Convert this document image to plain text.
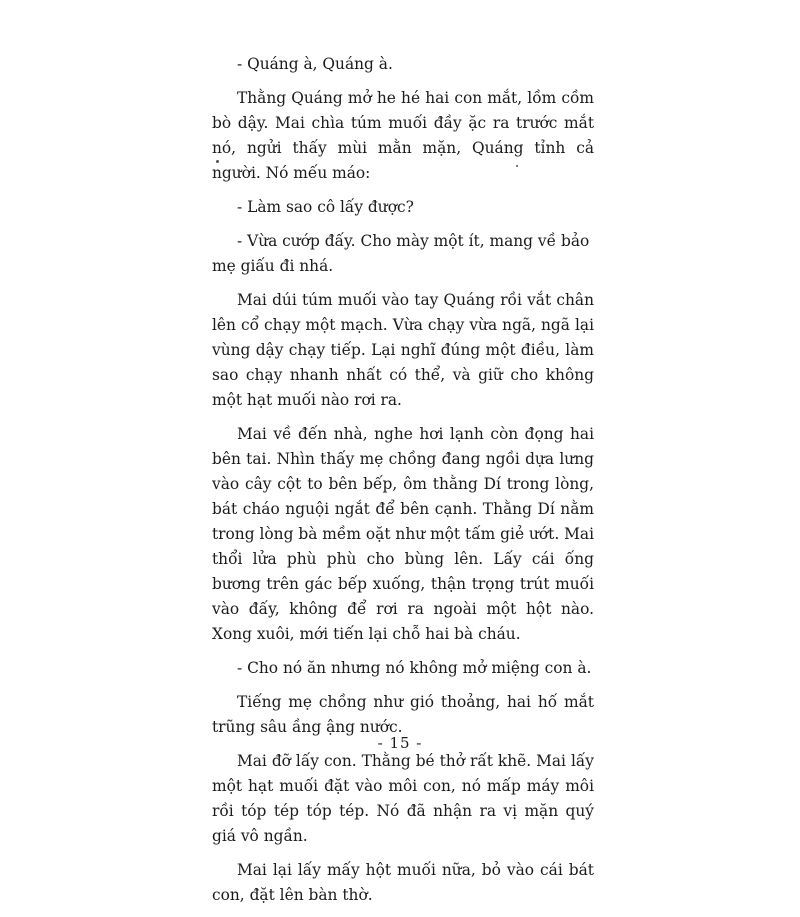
- Quáng à, Quáng à.

Thằng Quáng mở he hé hai con mắt, lồm cồm bò dậy. Mai chìa túm muối đầy ặc ra trước mắt nó, ngửi thấy mùi mằn mặn, Quáng tỉnh cả người. Nó mếu máo:

- Làm sao cô lấy được?

- Vừa cướp đấy. Cho mày một ít, mang về bảo mẹ giấu đi nhá.

Mai dúi túm muối vào tay Quáng rồi vắt chân lên cổ chạy một mạch. Vừa chạy vừa ngã, ngã lại vùng dậy chạy tiếp. Lại nghĩ đúng một điều, làm sao chạy nhanh nhất có thể, và giữ cho không một hạt muối nào rơi ra.

Mai về đến nhà, nghe hơi lạnh còn đọng hai bên tai. Nhìn thấy mẹ chồng đang ngồi dựa lưng vào cây cột to bên bếp, ôm thằng Dí trong lòng, bát cháo nguội ngắt để bên cạnh. Thằng Dí nằm trong lòng bà mềm oặt như một tấm giẻ ướt. Mai thổi lửa phù phù cho bùng lên. Lấy cái ống bương trên gác bếp xuống, thận trọng trút muối vào đấy, không để rơi ra ngoài một hột nào. Xong xuôi, mới tiến lại chỗ hai bà cháu.

- Cho nó ăn nhưng nó không mở miệng con à.

Tiếng mẹ chồng như gió thoảng, hai hố mắt trũng sâu ầng ậng nước.

Mai đỡ lấy con. Thằng bé thở rất khẽ. Mai lấy một hạt muối đặt vào môi con, nó mấp máy môi rồi tóp tép tóp tép. Nó đã nhận ra vị mặn quý giá vô ngần.

Mai lại lấy mấy hột muối nữa, bỏ vào cái bát con, đặt lên bàn thờ.

- 15 -
